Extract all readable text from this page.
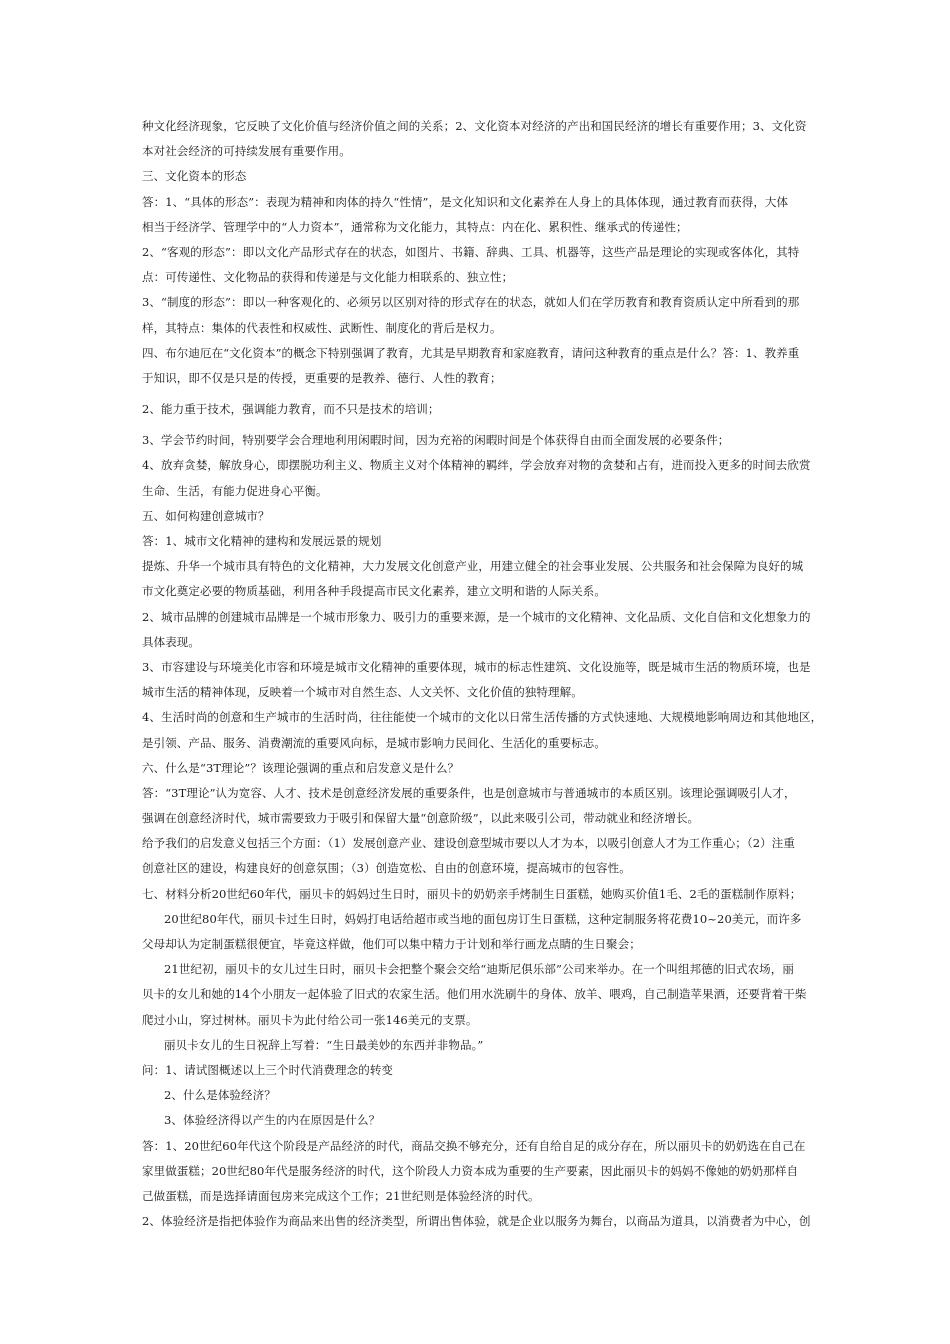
种文化经济现象，它反映了文化价值与经济价值之间的关系；2、文化资本对经济的产出和国民经济的增长有重要作用；3、文化资
本对社会经济的可持续发展有重要作用。
三、文化资本的形态
答：1、“具体的形态”：表现为精神和肉体的持久“性情”，是文化知识和文化素养在人身上的具体体现，通过教育而获得，大体
相当于经济学、管理学中的“人力资本”，通常称为文化能力，其特点：内在化、累积性、继承式的传递性；
2、“客观的形态”：即以文化产品形式存在的状态，如图片、书籍、辞典、工具、机器等，这些产品是理论的实现或客体化，其特
点：可传递性、文化物品的获得和传递是与文化能力相联系的、独立性；
3、“制度的形态”：即以一种客观化的、必须另以区别对待的形式存在的状态，就如人们在学历教育和教育资质认定中所看到的那
样，其特点：集体的代表性和权威性、武断性、制度化的背后是权力。
四、布尔迪厄在“文化资本”的概念下特别强调了教育，尤其是早期教育和家庭教育，请问这种教育的重点是什么？答：1、教养重
于知识，即不仅是只是的传授，更重要的是教养、德行、人性的教育；
2、能力重于技术，强调能力教育，而不只是技术的培训；
3、学会节约时间，特别要学会合理地利用闲暇时间，因为充裕的闲暇时间是个体获得自由而全面发展的必要条件；
4、放弃贪婪，解放身心，即摆脱功利主义、物质主义对个体精神的羁绊，学会放弃对物的贪婪和占有，进而投入更多的时间去欣赏
生命、生活，有能力促进身心平衡。
五、如何构建创意城市？
答：1、城市文化精神的建构和发展远景的规划
提炼、升华一个城市具有特色的文化精神，大力发展文化创意产业，用建立健全的社会事业发展、公共服务和社会保障为良好的城
市文化奠定必要的物质基础，利用各种手段提高市民文化素养，建立文明和谐的人际关系。
2、城市品牌的创建城市品牌是一个城市形象力、吸引力的重要来源，是一个城市的文化精神、文化品质、文化自信和文化想象力的
具体表现。
3、市容建设与环境美化市容和环境是城市文化精神的重要体现，城市的标志性建筑、文化设施等，既是城市生活的物质环境，也是
城市生活的精神体现，反映着一个城市对自然生态、人文关怀、文化价值的独特理解。
4、生活时尚的创意和生产城市的生活时尚，往往能使一个城市的文化以日常生活传播的方式快速地、大规模地影响周边和其他地区，
是引领、产品、服务、消费潮流的重要风向标，是城市影响力民间化、生活化的重要标志。
六、什么是“3T理论”？该理论强调的重点和启发意义是什么？
答：“3T理论”认为宽容、人才、技术是创意经济发展的重要条件，也是创意城市与普通城市的本质区别。该理论强调吸引人才，
强调在创意经济时代，城市需要致力于吸引和保留大量“创意阶级”，以此来吸引公司，带动就业和经济增长。
给予我们的启发意义包括三个方面：（1）发展创意产业、建设创意型城市要以人才为本，以吸引创意人才为工作重心；（2）注重
创意社区的建设，构建良好的创意氛围；（3）创造宽松、自由的创意环境，提高城市的包容性。
七、材料分析20世纪60年代，丽贝卡的妈妈过生日时，丽贝卡的奶奶亲手烤制生日蛋糕，她购买价值1毛、2毛的蛋糕制作原料；
20世纪80年代，丽贝卡过生日时，妈妈打电话给超市或当地的面包房订生日蛋糕，这种定制服务将花费10~20美元，而许多
父母却认为定制蛋糕很便宜，毕竟这样做，他们可以集中精力于计划和举行画龙点睛的生日聚会；
21世纪初，丽贝卡的女儿过生日时，丽贝卡会把整个聚会交给“迪斯尼俱乐部”公司来举办。在一个叫组邦德的旧式农场，丽
贝卡的女儿和她的14个小朋友一起体验了旧式的农家生活。他们用水洗刷牛的身体、放羊、喂鸡，自己制造苹果酒，还要背着干柴
爬过小山，穿过树林。丽贝卡为此付给公司一张146美元的支票。
丽贝卡女儿的生日祝辞上写着：“生日最美妙的东西并非物品。”
问：1、请试图概述以上三个时代消费理念的转变
2、什么是体验经济？
3、体验经济得以产生的内在原因是什么？
答：1、20世纪60年代这个阶段是产品经济的时代，商品交换不够充分，还有自给自足的成分存在，所以丽贝卡的奶奶选在自己在
家里做蛋糕；20世纪80年代是服务经济的时代，这个阶段人力资本成为重要的生产要素，因此丽贝卡的妈妈不像她的奶奶那样自
己做蛋糕，而是选择请面包房来完成这个工作；21世纪则是体验经济的时代。
2、体验经济是指把体验作为商品来出售的经济类型，所谓出售体验，就是企业以服务为舞台，以商品为道具，以消费者为中心，创
